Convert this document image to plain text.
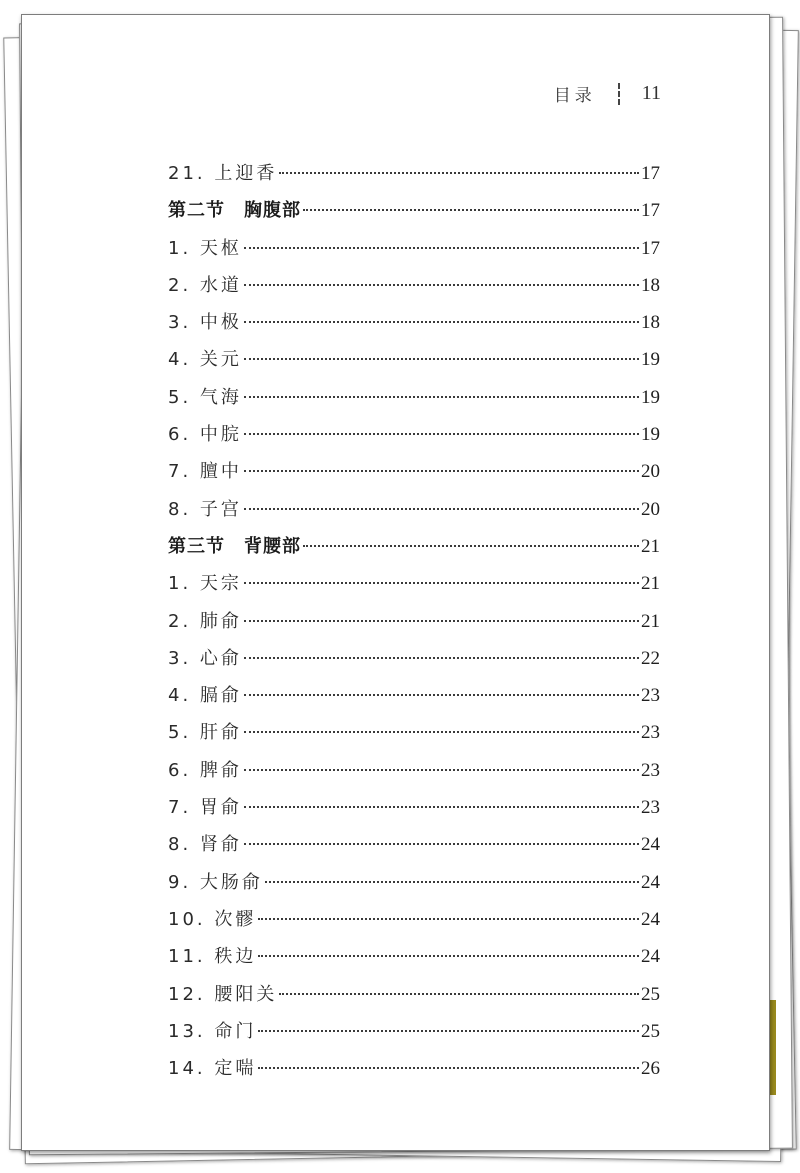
目录 11
21. 上迎香	17
第二节　胸腹部	17
1. 天枢	17
2. 水道	18
3. 中极	18
4. 关元	19
5. 气海	19
6. 中脘	19
7. 膻中	20
8. 子宫	20
第三节　背腰部	21
1. 天宗	21
2. 肺俞	21
3. 心俞	22
4. 膈俞	23
5. 肝俞	23
6. 脾俞	23
7. 胃俞	23
8. 肾俞	24
9. 大肠俞	24
10. 次髎	24
11. 秩边	24
12. 腰阳关	25
13. 命门	25
14. 定喘	26
